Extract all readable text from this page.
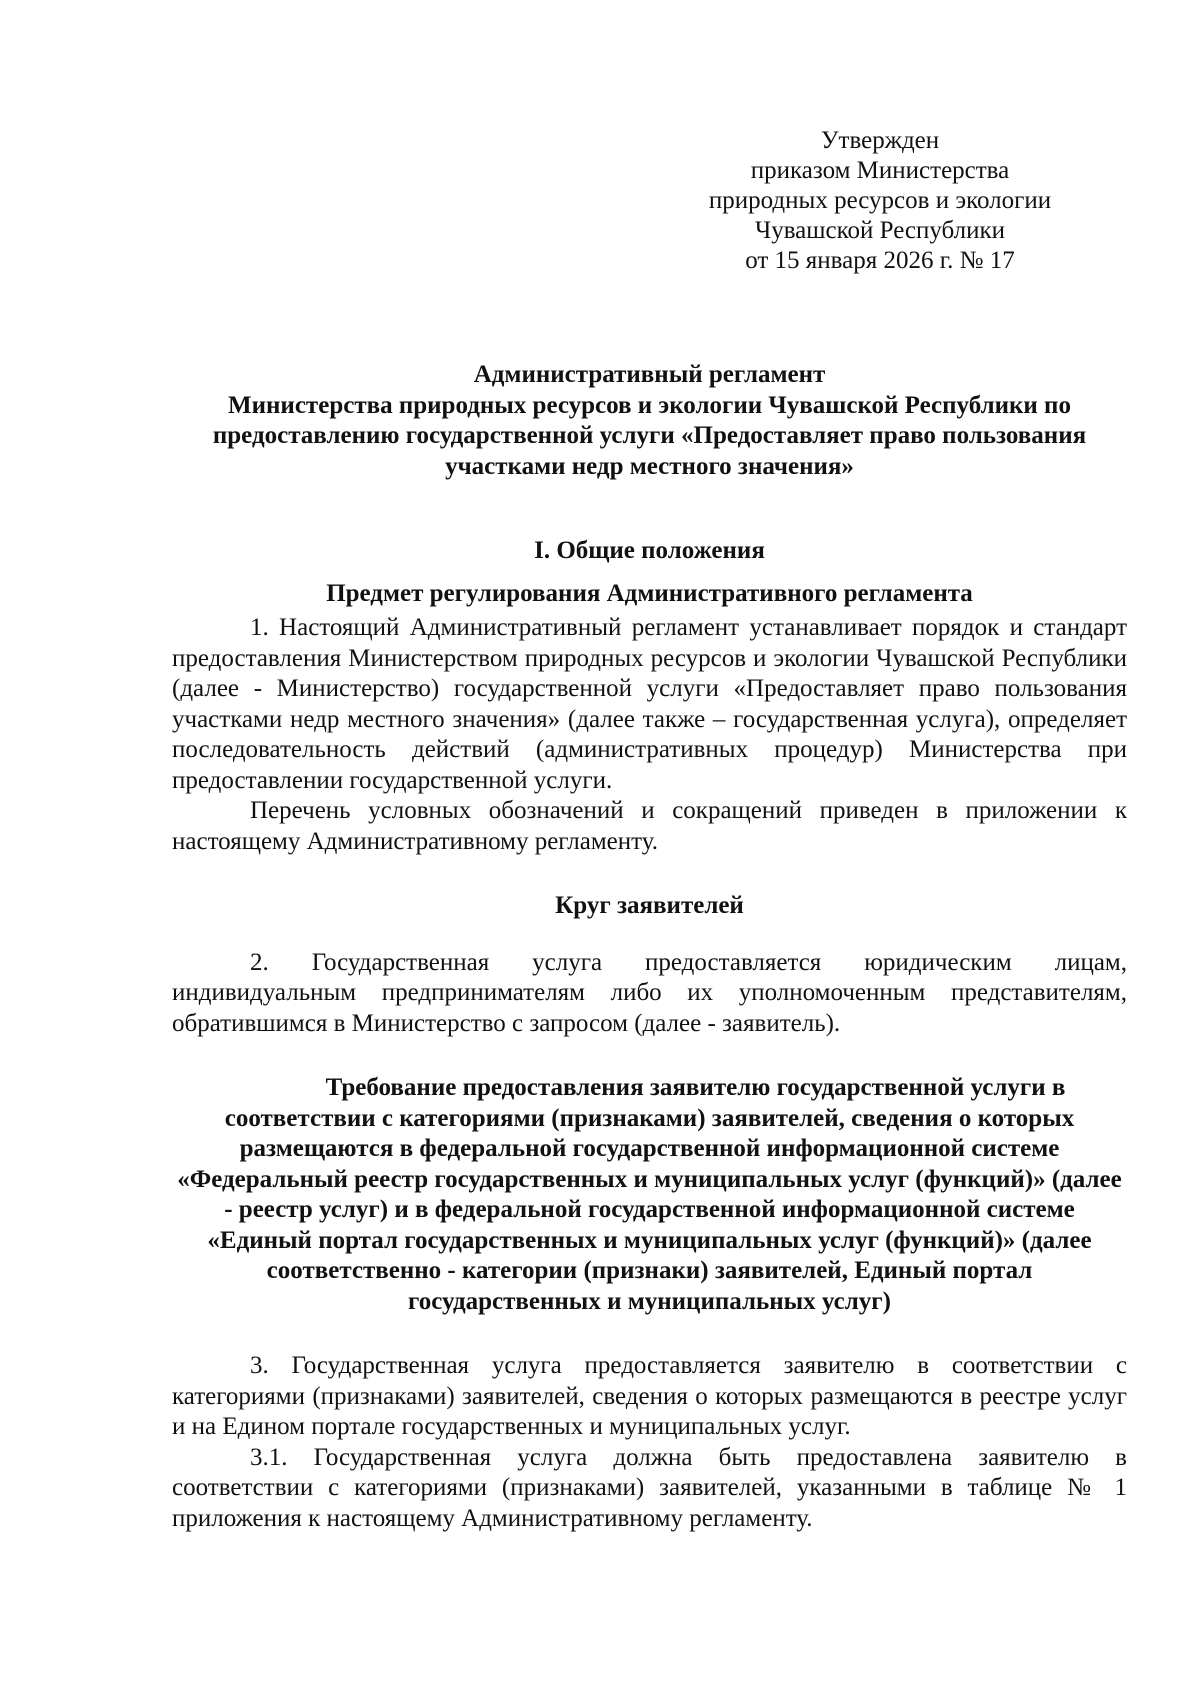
Утвержден
приказом Министерства
природных ресурсов и экологии
Чувашской Республики
от 15 января 2026 г. № 17

Административный регламент

Министерства природных ресурсов и экологии Чувашской Республики по предоставлению государственной услуги «Предоставляет право пользования участками недр местного значения»

I. Общие положения

Предмет регулирования Административного регламента

1. Настоящий Административный регламент устанавливает порядок и стандарт предоставления Министерством природных ресурсов и экологии Чувашской Республики (далее - Министерство) государственной услуги «Предоставляет право пользования участками недр местного значения» (далее также – государственная услуга), определяет последовательность действий (административных процедур) Министерства при предоставлении государственной услуги.

Перечень условных обозначений и сокращений приведен в приложении к настоящему Административному регламенту.

Круг заявителей

2. Государственная услуга предоставляется юридическим лицам, индивидуальным предпринимателям либо их уполномоченным представителям, обратившимся в Министерство с запросом (далее - заявитель).

Требование предоставления заявителю государственной услуги в соответствии с категориями (признаками) заявителей, сведения о которых размещаются в федеральной государственной информационной системе «Федеральный реестр государственных и муниципальных услуг (функций)» (далее - реестр услуг) и в федеральной государственной информационной системе «Единый портал государственных и муниципальных услуг (функций)» (далее соответственно - категории (признаки) заявителей, Единый портал государственных и муниципальных услуг)

3. Государственная услуга предоставляется заявителю в соответствии с категориями (признаками) заявителей, сведения о которых размещаются в реестре услуг и на Едином портале государственных и муниципальных услуг.

3.1. Государственная услуга должна быть предоставлена заявителю в соответствии с категориями (признаками) заявителей, указанными в таблице № 1 приложения к настоящему Административному регламенту.
